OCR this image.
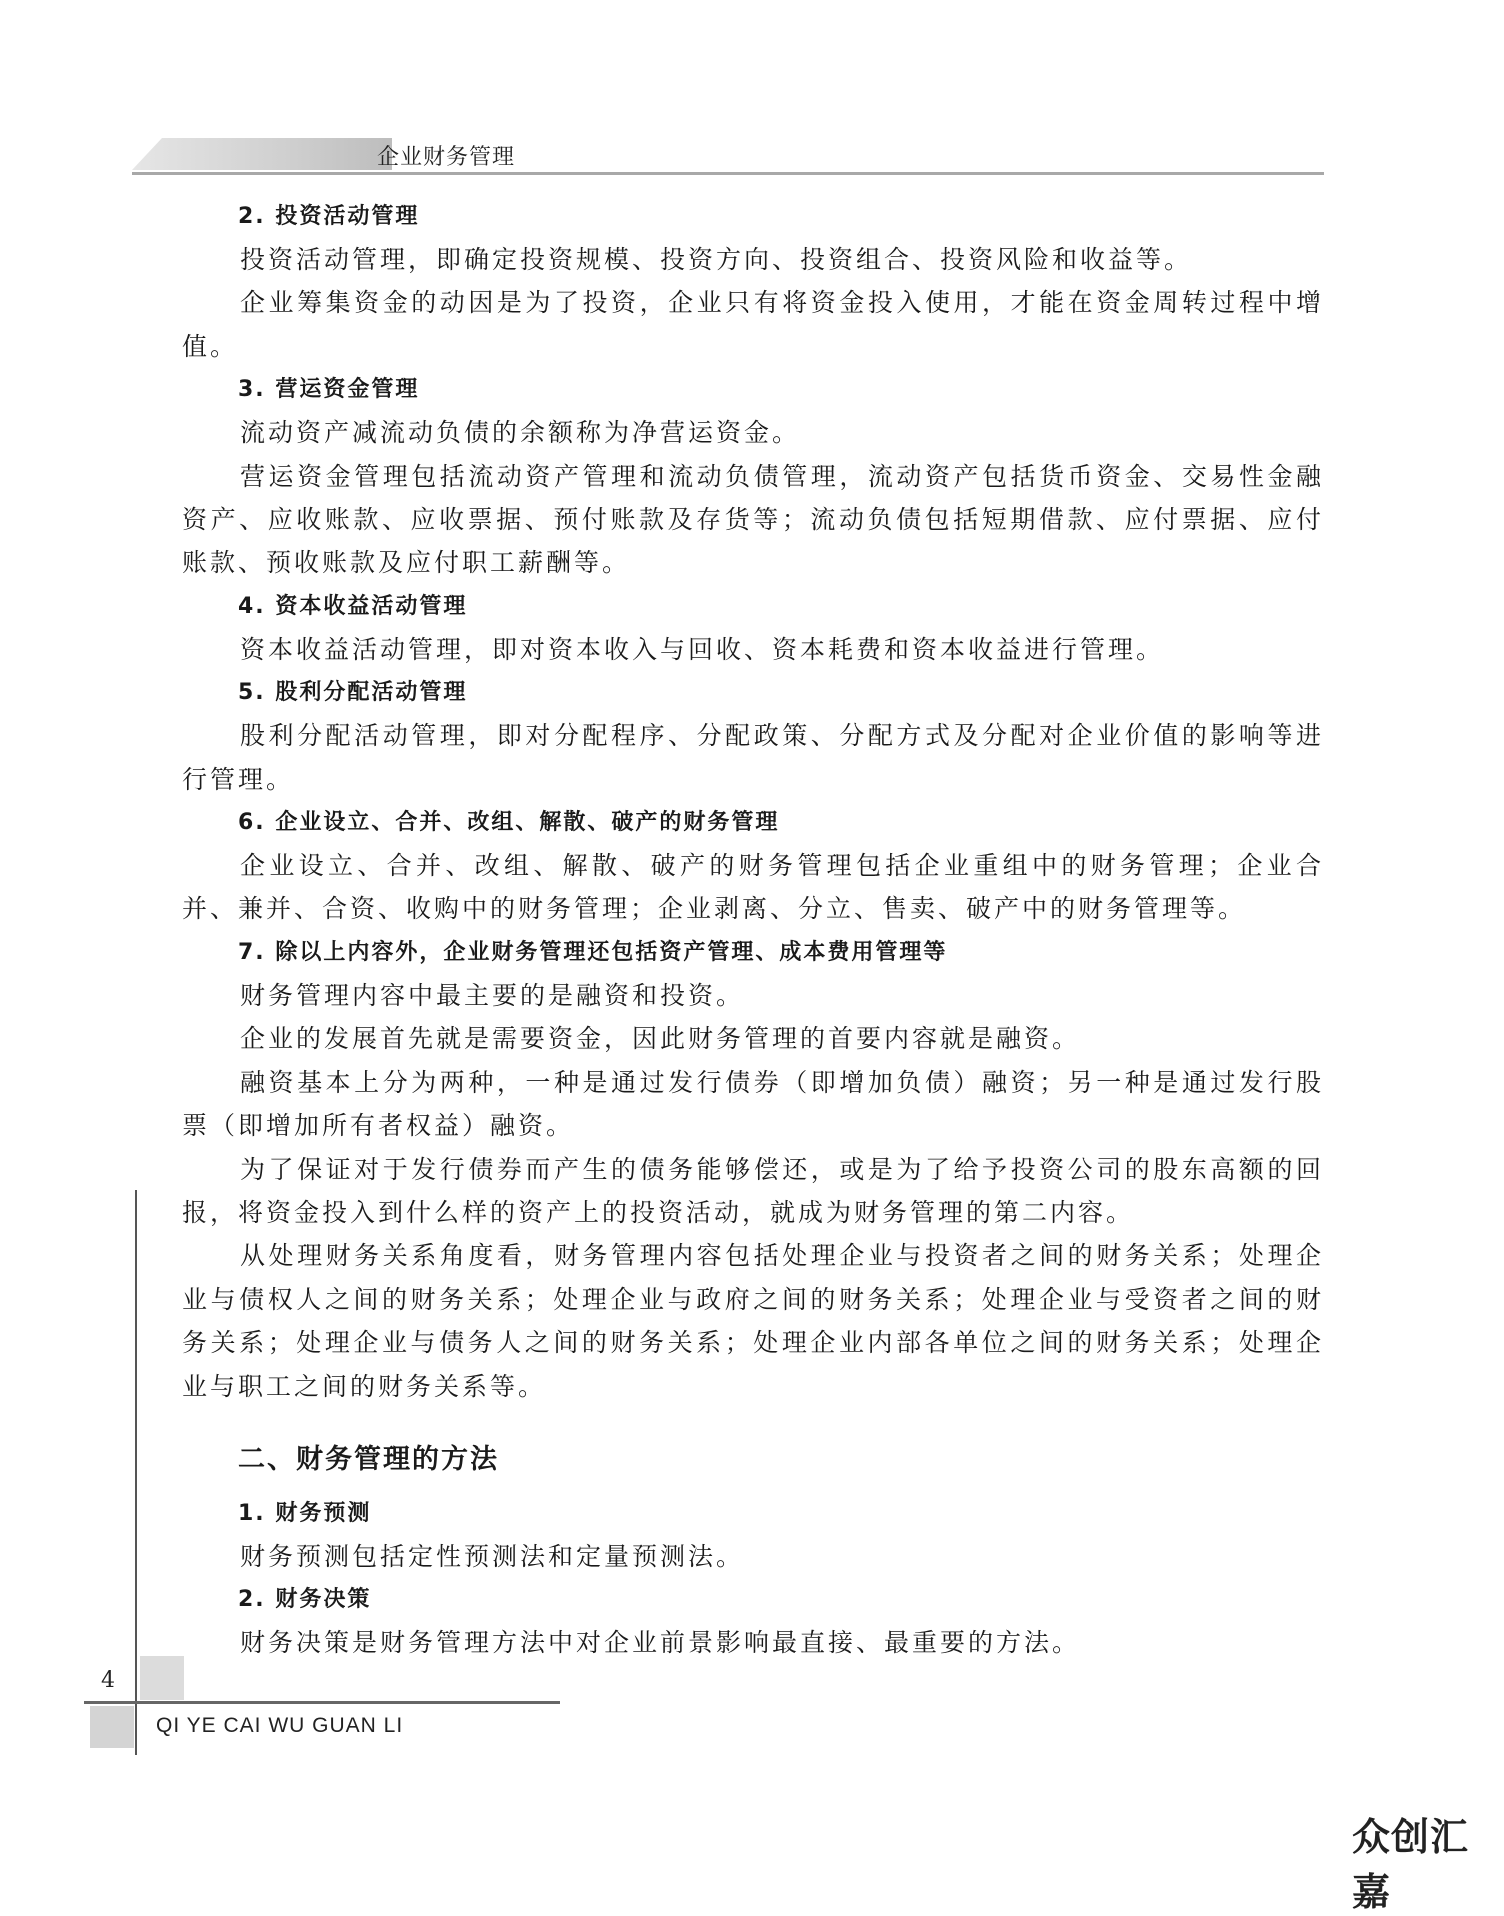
企业财务管理
2. 投资活动管理
投资活动管理，即确定投资规模、投资方向、投资组合、投资风险和收益等。
企业筹集资金的动因是为了投资，企业只有将资金投入使用，才能在资金周转过程中增值。
3. 营运资金管理
流动资产减流动负债的余额称为净营运资金。
营运资金管理包括流动资产管理和流动负债管理，流动资产包括货币资金、交易性金融资产、应收账款、应收票据、预付账款及存货等；流动负债包括短期借款、应付票据、应付账款、预收账款及应付职工薪酬等。
4. 资本收益活动管理
资本收益活动管理，即对资本收入与回收、资本耗费和资本收益进行管理。
5. 股利分配活动管理
股利分配活动管理，即对分配程序、分配政策、分配方式及分配对企业价值的影响等进行管理。
6. 企业设立、合并、改组、解散、破产的财务管理
企业设立、合并、改组、解散、破产的财务管理包括企业重组中的财务管理；企业合并、兼并、合资、收购中的财务管理；企业剥离、分立、售卖、破产中的财务管理等。
7. 除以上内容外，企业财务管理还包括资产管理、成本费用管理等
财务管理内容中最主要的是融资和投资。
企业的发展首先就是需要资金，因此财务管理的首要内容就是融资。
融资基本上分为两种，一种是通过发行债券（即增加负债）融资；另一种是通过发行股票（即增加所有者权益）融资。
为了保证对于发行债券而产生的债务能够偿还，或是为了给予投资公司的股东高额的回报，将资金投入到什么样的资产上的投资活动，就成为财务管理的第二内容。
从处理财务关系角度看，财务管理内容包括处理企业与投资者之间的财务关系；处理企业与债权人之间的财务关系；处理企业与政府之间的财务关系；处理企业与受资者之间的财务关系；处理企业与债务人之间的财务关系；处理企业内部各单位之间的财务关系；处理企业与职工之间的财务关系等。
二、财务管理的方法
1. 财务预测
财务预测包括定性预测法和定量预测法。
2. 财务决策
财务决策是财务管理方法中对企业前景影响最直接、最重要的方法。
4
QI YE CAI WU GUAN LI
众创汇嘉
